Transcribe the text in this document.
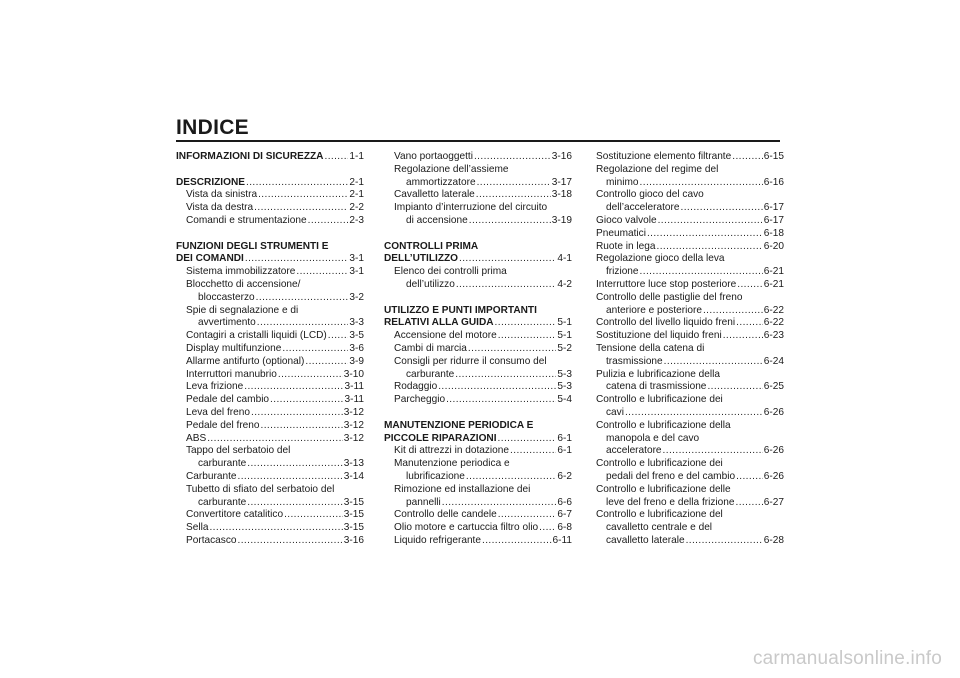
INDICE
INFORMAZIONI DI SICUREZZA .....	1-1
DESCRIZIONE .....	2-1
Vista da sinistra .....	2-1
Vista da destra .....	2-2
Comandi e strumentazione .....	2-3
FUNZIONI DEGLI STRUMENTI E
DEI COMANDI .....	3-1
Sistema immobilizzatore .....	3-1
Blocchetto di accensione/
bloccasterzo .....	3-2
Spie di segnalazione e di
avvertimento .....	3-3
Contagiri a cristalli liquidi (LCD) ..... 3-5
Display multifunzione .....	3-6
Allarme antifurto (optional) .....	3-9
Interruttori manubrio .....	3-10
Leva frizione .....	3-11
Pedale del cambio .....	3-11
Leva del freno .....	3-12
Pedale del freno .....	3-12
ABS .....	3-12
Tappo del serbatoio del
carburante .....	3-13
Carburante .....	3-14
Tubetto di sfiato del serbatoio del
carburante .....	3-15
Convertitore catalitico .....	3-15
Sella .....	3-15
Portacasco .....	3-16
Vano portaoggetti .....	3-16
Regolazione dell’assieme
ammortizzatore .....	3-17
Cavalletto laterale .....	3-18
Impianto d’interruzione del circuito
di accensione .....	3-19
CONTROLLI PRIMA
DELL’UTILIZZO .....	4-1
Elenco dei controlli prima
dell’utilizzo .....	4-2
UTILIZZO E PUNTI IMPORTANTI
RELATIVI ALLA GUIDA .....	5-1
Accensione del motore .....	5-1
Cambi di marcia .....	5-2
Consigli per ridurre il consumo del
carburante .....	5-3
Rodaggio .....	5-3
Parcheggio .....	5-4
MANUTENZIONE PERIODICA E
PICCOLE RIPARAZIONI .....	6-1
Kit di attrezzi in dotazione .....	6-1
Manutenzione periodica e
lubrificazione .....	6-2
Rimozione ed installazione dei
pannelli .....	6-6
Controllo delle candele .....	6-7
Olio motore e cartuccia filtro olio ..... 6-8
Liquido refrigerante .....	6-11
Sostituzione elemento filtrante .....	6-15
Regolazione del regime del
minimo .....	6-16
Controllo gioco del cavo
dell’acceleratore .....	6-17
Gioco valvole .....	6-17
Pneumatici .....	6-18
Ruote in lega .....	6-20
Regolazione gioco della leva
frizione .....	6-21
Interruttore luce stop posteriore .....	6-21
Controllo delle pastiglie del freno
anteriore e posteriore .....	6-22
Controllo del livello liquido freni .....	6-22
Sostituzione del liquido freni .....	6-23
Tensione della catena di
trasmissione .....	6-24
Pulizia e lubrificazione della
catena di trasmissione .....	6-25
Controllo e lubrificazione dei
cavi .....	6-26
Controllo e lubrificazione della
manopola e del cavo
acceleratore .....	6-26
Controllo e lubrificazione dei
pedali del freno e del cambio .....	6-26
Controllo e lubrificazione delle
leve del freno e della frizione .....	6-27
Controllo e lubrificazione del
cavalletto centrale e del
cavalletto laterale .....	6-28
carmanualsonline.info
